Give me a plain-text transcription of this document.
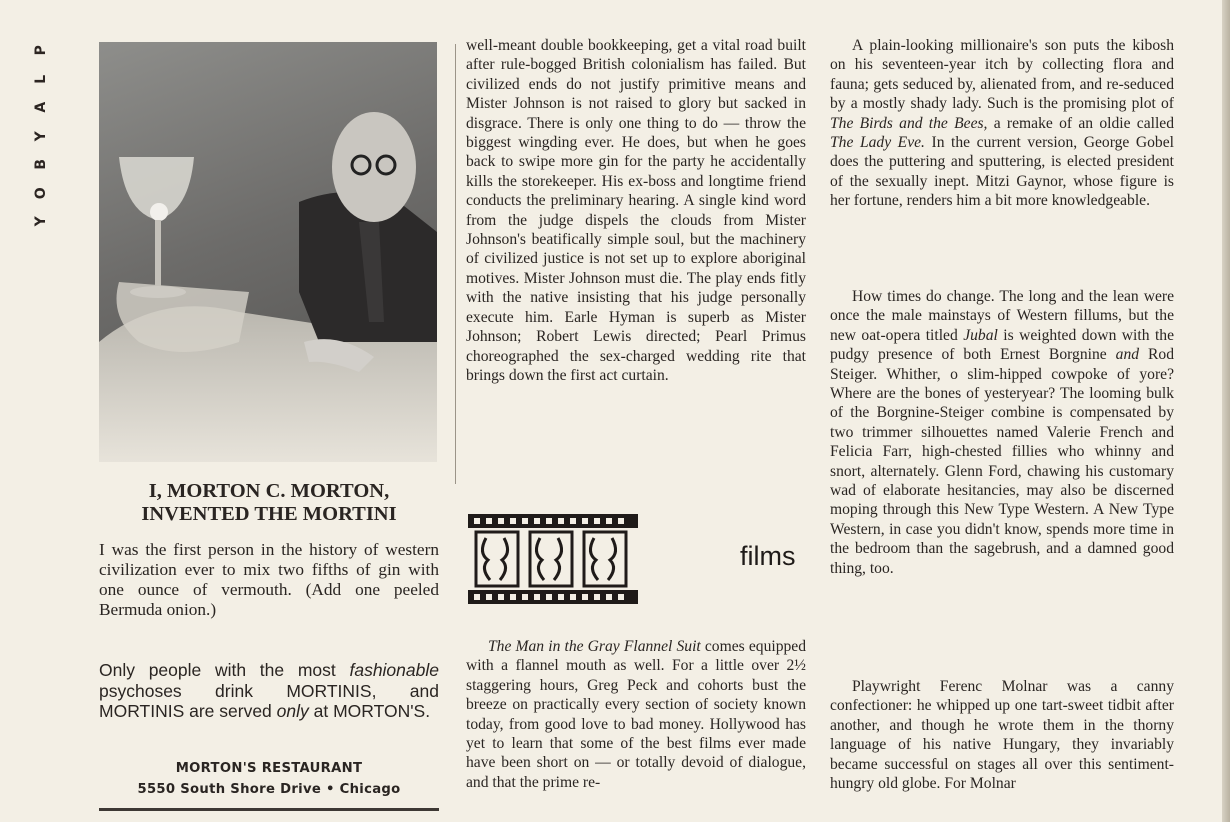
P
L
A
Y
B
O
Y
I, MORTON C. MORTON, INVENTED THE MORTINI
I was the first person in the history of western civilization ever to mix two fifths of gin with one ounce of vermouth. (Add one peeled Bermuda onion.)
Only people with the most fashionable psychoses drink MORTINIS, and MORTINIS are served only at MORTON'S.
MORTON'S RESTAURANT
5550 South Shore Drive • Chicago

well-meant double bookkeeping, get a vital road built after rule-bogged British colonialism has failed. But civilized ends do not justify primitive means and Mister Johnson is not raised to glory but sacked in disgrace. There is only one thing to do — throw the biggest wingding ever. He does, but when he goes back to swipe more gin for the party he accidentally kills the storekeeper. His ex-boss and longtime friend conducts the preliminary hearing. A single kind word from the judge dispels the clouds from Mister Johnson's beatifically simple soul, but the machinery of civilized justice is not set up to explore aboriginal motives. Mister Johnson must die. The play ends fitly with the native insisting that his judge personally execute him. Earle Hyman is superb as Mister Johnson; Robert Lewis directed; Pearl Primus choreographed the sex-charged wedding rite that brings down the first act curtain.

films

The Man in the Gray Flannel Suit comes equipped with a flannel mouth as well. For a little over 2½ staggering hours, Greg Peck and cohorts bust the breeze on practically every section of society known today, from good love to bad money. Hollywood has yet to learn that some of the best films ever made have been short on — or totally devoid of dialogue, and that the prime re-

A plain-looking millionaire's son puts the kibosh on his seventeen-year itch by collecting flora and fauna; gets seduced by, alienated from, and re-seduced by a mostly shady lady. Such is the promising plot of The Birds and the Bees, a remake of an oldie called The Lady Eve. In the current version, George Gobel does the puttering and sputtering, is elected president of the sexually inept. Mitzi Gaynor, whose figure is her fortune, renders him a bit more knowledgeable.

How times do change. The long and the lean were once the male mainstays of Western fillums, but the new oat-opera titled Jubal is weighted down with the pudgy presence of both Ernest Borgnine and Rod Steiger. Whither, o slim-hipped cowpoke of yore? Where are the bones of yesteryear? The looming bulk of the Borgnine-Steiger combine is compensated by two trimmer silhouettes named Valerie French and Felicia Farr, high-chested fillies who whinny and snort, alternately. Glenn Ford, chawing his customary wad of elaborate hesitancies, may also be discerned moping through this New Type Western. A New Type Western, in case you didn't know, spends more time in the bedroom than the sagebrush, and a damned good thing, too.

Playwright Ferenc Molnar was a canny confectioner: he whipped up one tart-sweet tidbit after another, and though he wrote them in the thorny language of his native Hungary, they invariably became successful on stages all over this sentiment-hungry old globe. For Molnar
